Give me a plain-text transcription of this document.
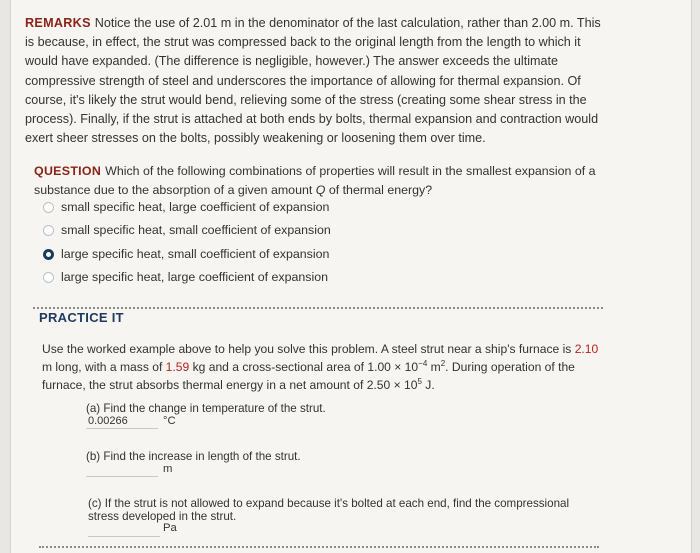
REMARKS Notice the use of 2.01 m in the denominator of the last calculation, rather than 2.00 m. This
is because, in effect, the strut was compressed back to the original length from the length to which it
would have expanded. (The difference is negligible, however.) The answer exceeds the ultimate
compressive strength of steel and underscores the importance of allowing for thermal expansion. Of
course, it's likely the strut would bend, relieving some of the stress (creating some shear stress in the
process). Finally, if the strut is attached at both ends by bolts, thermal expansion and contraction would
exert sheer stresses on the bolts, possibly weakening or loosening them over time.
QUESTION Which of the following combinations of properties will result in the smallest expansion of a
substance due to the absorption of a given amount Q of thermal energy?
small specific heat, large coefficient of expansion
small specific heat, small coefficient of expansion
large specific heat, small coefficient of expansion
large specific heat, large coefficient of expansion
PRACTICE IT
Use the worked example above to help you solve this problem. A steel strut near a ship's furnace is 2.10
m long, with a mass of 1.59 kg and a cross-sectional area of $1.00 \times 10^{-4}$ $m^2$. During operation of the
furnace, the strut absorbs thermal energy in a net amount of $2.50 \times 10^5$ J.
(a) Find the change in temperature of the strut.
0.00266	°C
(b) Find the increase in length of the strut.
m
(c) If the strut is not allowed to expand because it's bolted at each end, find the compressional
stress developed in the strut.
Pa
